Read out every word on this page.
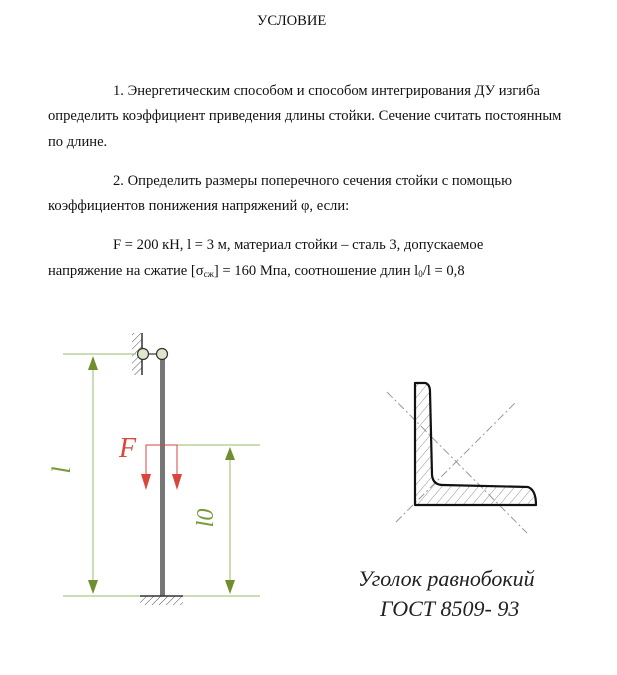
УСЛОВИЕ
1. Энергетическим способом и способом интегрирования ДУ изгиба
определить коэффициент приведения длины стойки. Сечение считать постоянным
по длине.
2. Определить размеры поперечного сечения стойки с помощью
коэффициентов понижения напряжений φ, если:
F = 200 кН, l = 3 м, материал стойки – сталь 3, допускаемое
напряжение на сжатие $[\sigma_{сж}] = 160$ Мпа, соотношение длин $l_0/l = 0,8$
l
l0
F
Уголок равнобокий
ГОСТ 8509- 93
